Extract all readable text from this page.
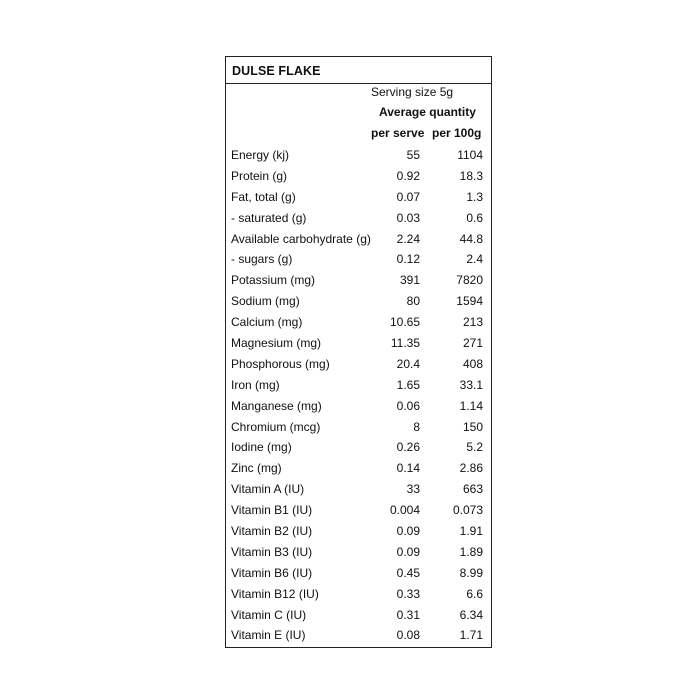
DULSE FLAKE
Serving size 5g
Average quantity
per serve per 100g
Energy (kj)	55	1104
Protein (g)	0.92	18.3
Fat, total (g)	0.07	1.3
- saturated (g)	0.03	0.6
Available carbohydrate (g) 2.24	44.8
- sugars (g)	0.12	2.4
Potassium (mg)	391	7820
Sodium (mg)	80	1594
Calcium (mg)	10.65	213
Magnesium (mg)	11.35	271
Phosphorous (mg)	20.4	408
Iron (mg)	1.65	33.1
Manganese (mg)	0.06	1.14
Chromium (mcg)	8	150
Iodine (mg)	0.26	5.2
Zinc (mg)	0.14	2.86
Vitamin A (IU)	33	663
Vitamin B1 (IU)	0.004	0.073
Vitamin B2 (IU)	0.09	1.91
Vitamin B3 (IU)	0.09	1.89
Vitamin B6 (IU)	0.45	8.99
Vitamin B12 (IU)	0.33	6.6
Vitamin C (IU)	0.31	6.34
Vitamin E (IU)	0.08	1.71
